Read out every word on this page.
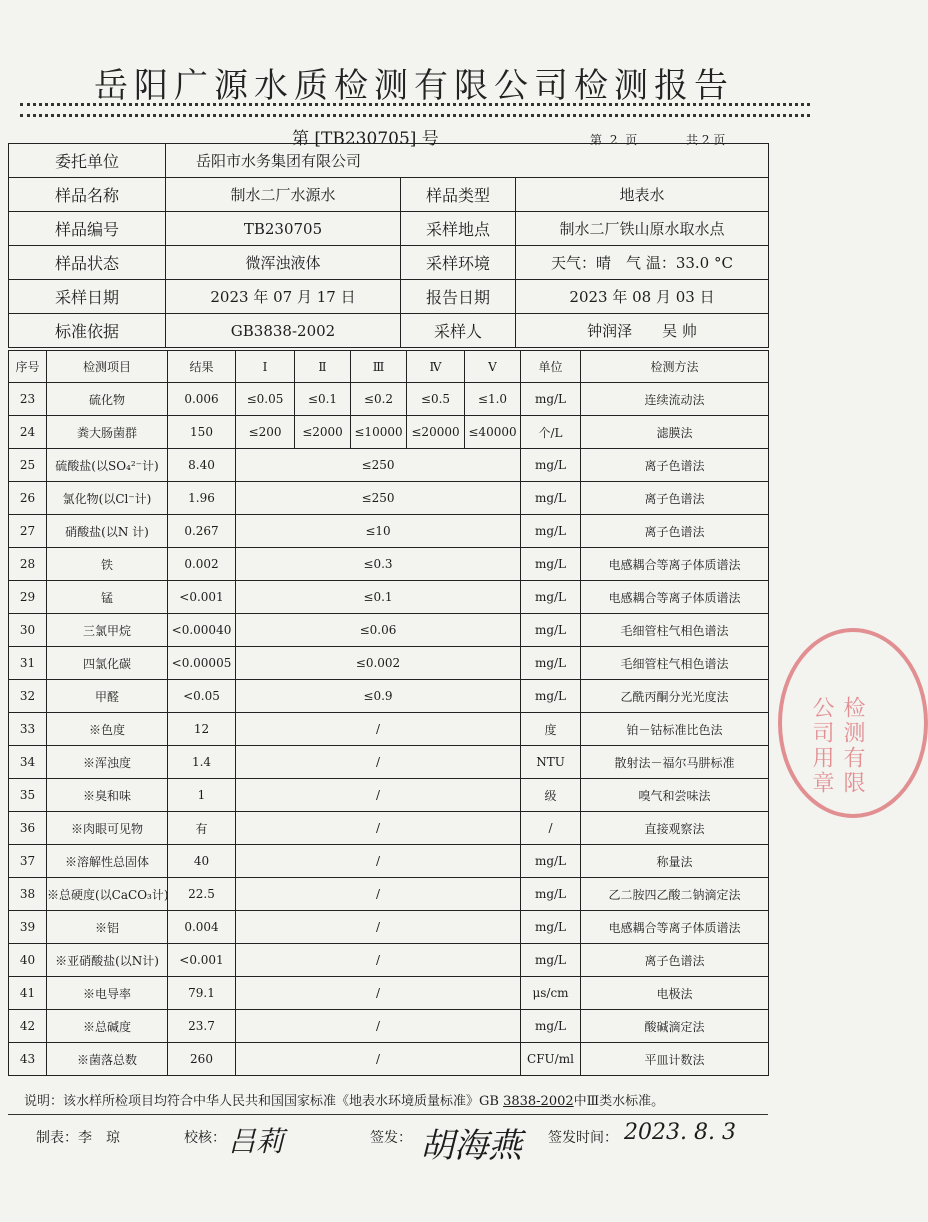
岳阳广源水质检测有限公司检测报告
第 [TB230705] 号	第 2 页	共 2 页
委托单位	岳阳市水务集团有限公司		
样品名称	制水二厂水源水	样品类型	地表水
样品编号	TB230705	采样地点	制水二厂铁山原水取水点
样品状态	微浑浊液体	采样环境	天气：晴　气 温：33.0 °C
采样日期	2023 年 07 月 17 日	报告日期	2023 年 08 月 03 日
标准依据	GB3838-2002	采样人	钟润泽　　吴 帅
序号	检测项目	结果	Ⅰ	Ⅱ	Ⅲ	Ⅳ	Ⅴ	单位	检测方法
23	硫化物	0.006	≤0.05	≤0.1	≤0.2	≤0.5	≤1.0	mg/L	连续流动法
24	粪大肠菌群	150	≤200	≤2000	≤10000	≤20000	≤40000	个/L	滤膜法
25	硫酸盐(以SO₄²⁻计)	8.40	≤250					mg/L	离子色谱法
26	氯化物(以Cl⁻计)	1.96	≤250					mg/L	离子色谱法
27	硝酸盐(以N 计)	0.267	≤10					mg/L	离子色谱法
28	铁	0.002	≤0.3					mg/L	电感耦合等离子体质谱法
29	锰	<0.001	≤0.1					mg/L	电感耦合等离子体质谱法
30	三氯甲烷	<0.00040	≤0.06					mg/L	毛细管柱气相色谱法
31	四氯化碳	<0.00005	≤0.002					mg/L	毛细管柱气相色谱法
32	甲醛	<0.05	≤0.9					mg/L	乙酰丙酮分光光度法
33	※色度	12	/					度	铂－钴标准比色法
34	※浑浊度	1.4	/					NTU	散射法－福尔马肼标准
35	※臭和味	1	/					级	嗅气和尝味法
36	※肉眼可见物	有	/					/	直接观察法
37	※溶解性总固体	40	/					mg/L	称量法
38	※总硬度(以CaCO₃计)	22.5	/					mg/L	乙二胺四乙酸二钠滴定法
39	※铝	0.004	/					mg/L	电感耦合等离子体质谱法
40	※亚硝酸盐(以N计)	<0.001	/					mg/L	离子色谱法
41	※电导率	79.1	/					μs/cm	电极法
42	※总碱度	23.7	/					mg/L	酸碱滴定法
43	※菌落总数	260	/					CFU/ml	平皿计数法
说明：该水样所检项目均符合中华人民共和国国家标准《地表水环境质量标准》GB 3838-2002中Ⅲ类水标准。
制表：李　琼	校核：	签发：	签发时间：
吕莉	胡海燕	2023. 8. 3
检测有限公司用章
